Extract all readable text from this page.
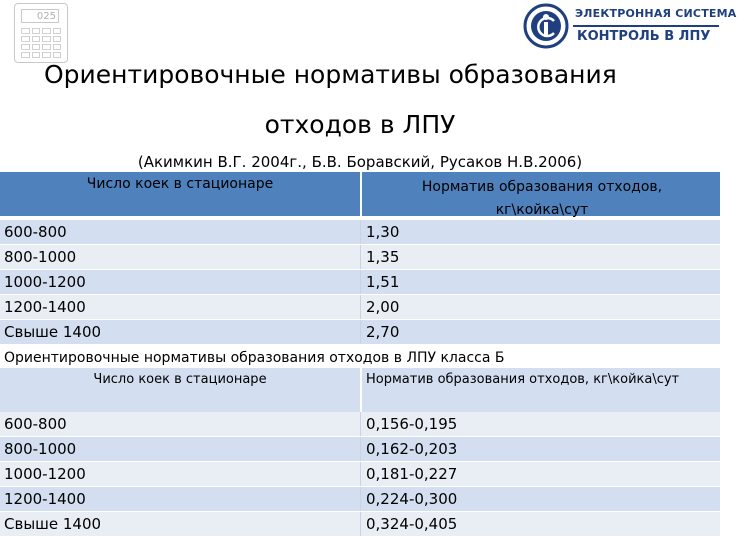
025	ЭЛЕКТРОННАЯ СИСТЕМА
КОНТРОЛЬ В ЛПУ
Ориентировочные нормативы образования
отходов в ЛПУ
(Акимкин В.Г. 2004г., Б.В. Боравский, Русаков Н.В.2006)
Число коек в стационаре	Норматив образования отходов,
кг\койка\сут
600-800	1,30
800-1000	1,35
1000-1200	1,51
1200-1400	2,00
Свыше 1400	2,70
Ориентировочные нормативы образования отходов в ЛПУ класса Б
Число коек в стационаре	Норматив образования отходов, кг\койка\сут
600-800	0,156-0,195
800-1000	0,162-0,203
1000-1200	0,181-0,227
1200-1400	0,224-0,300
Свыше 1400	0,324-0,405
